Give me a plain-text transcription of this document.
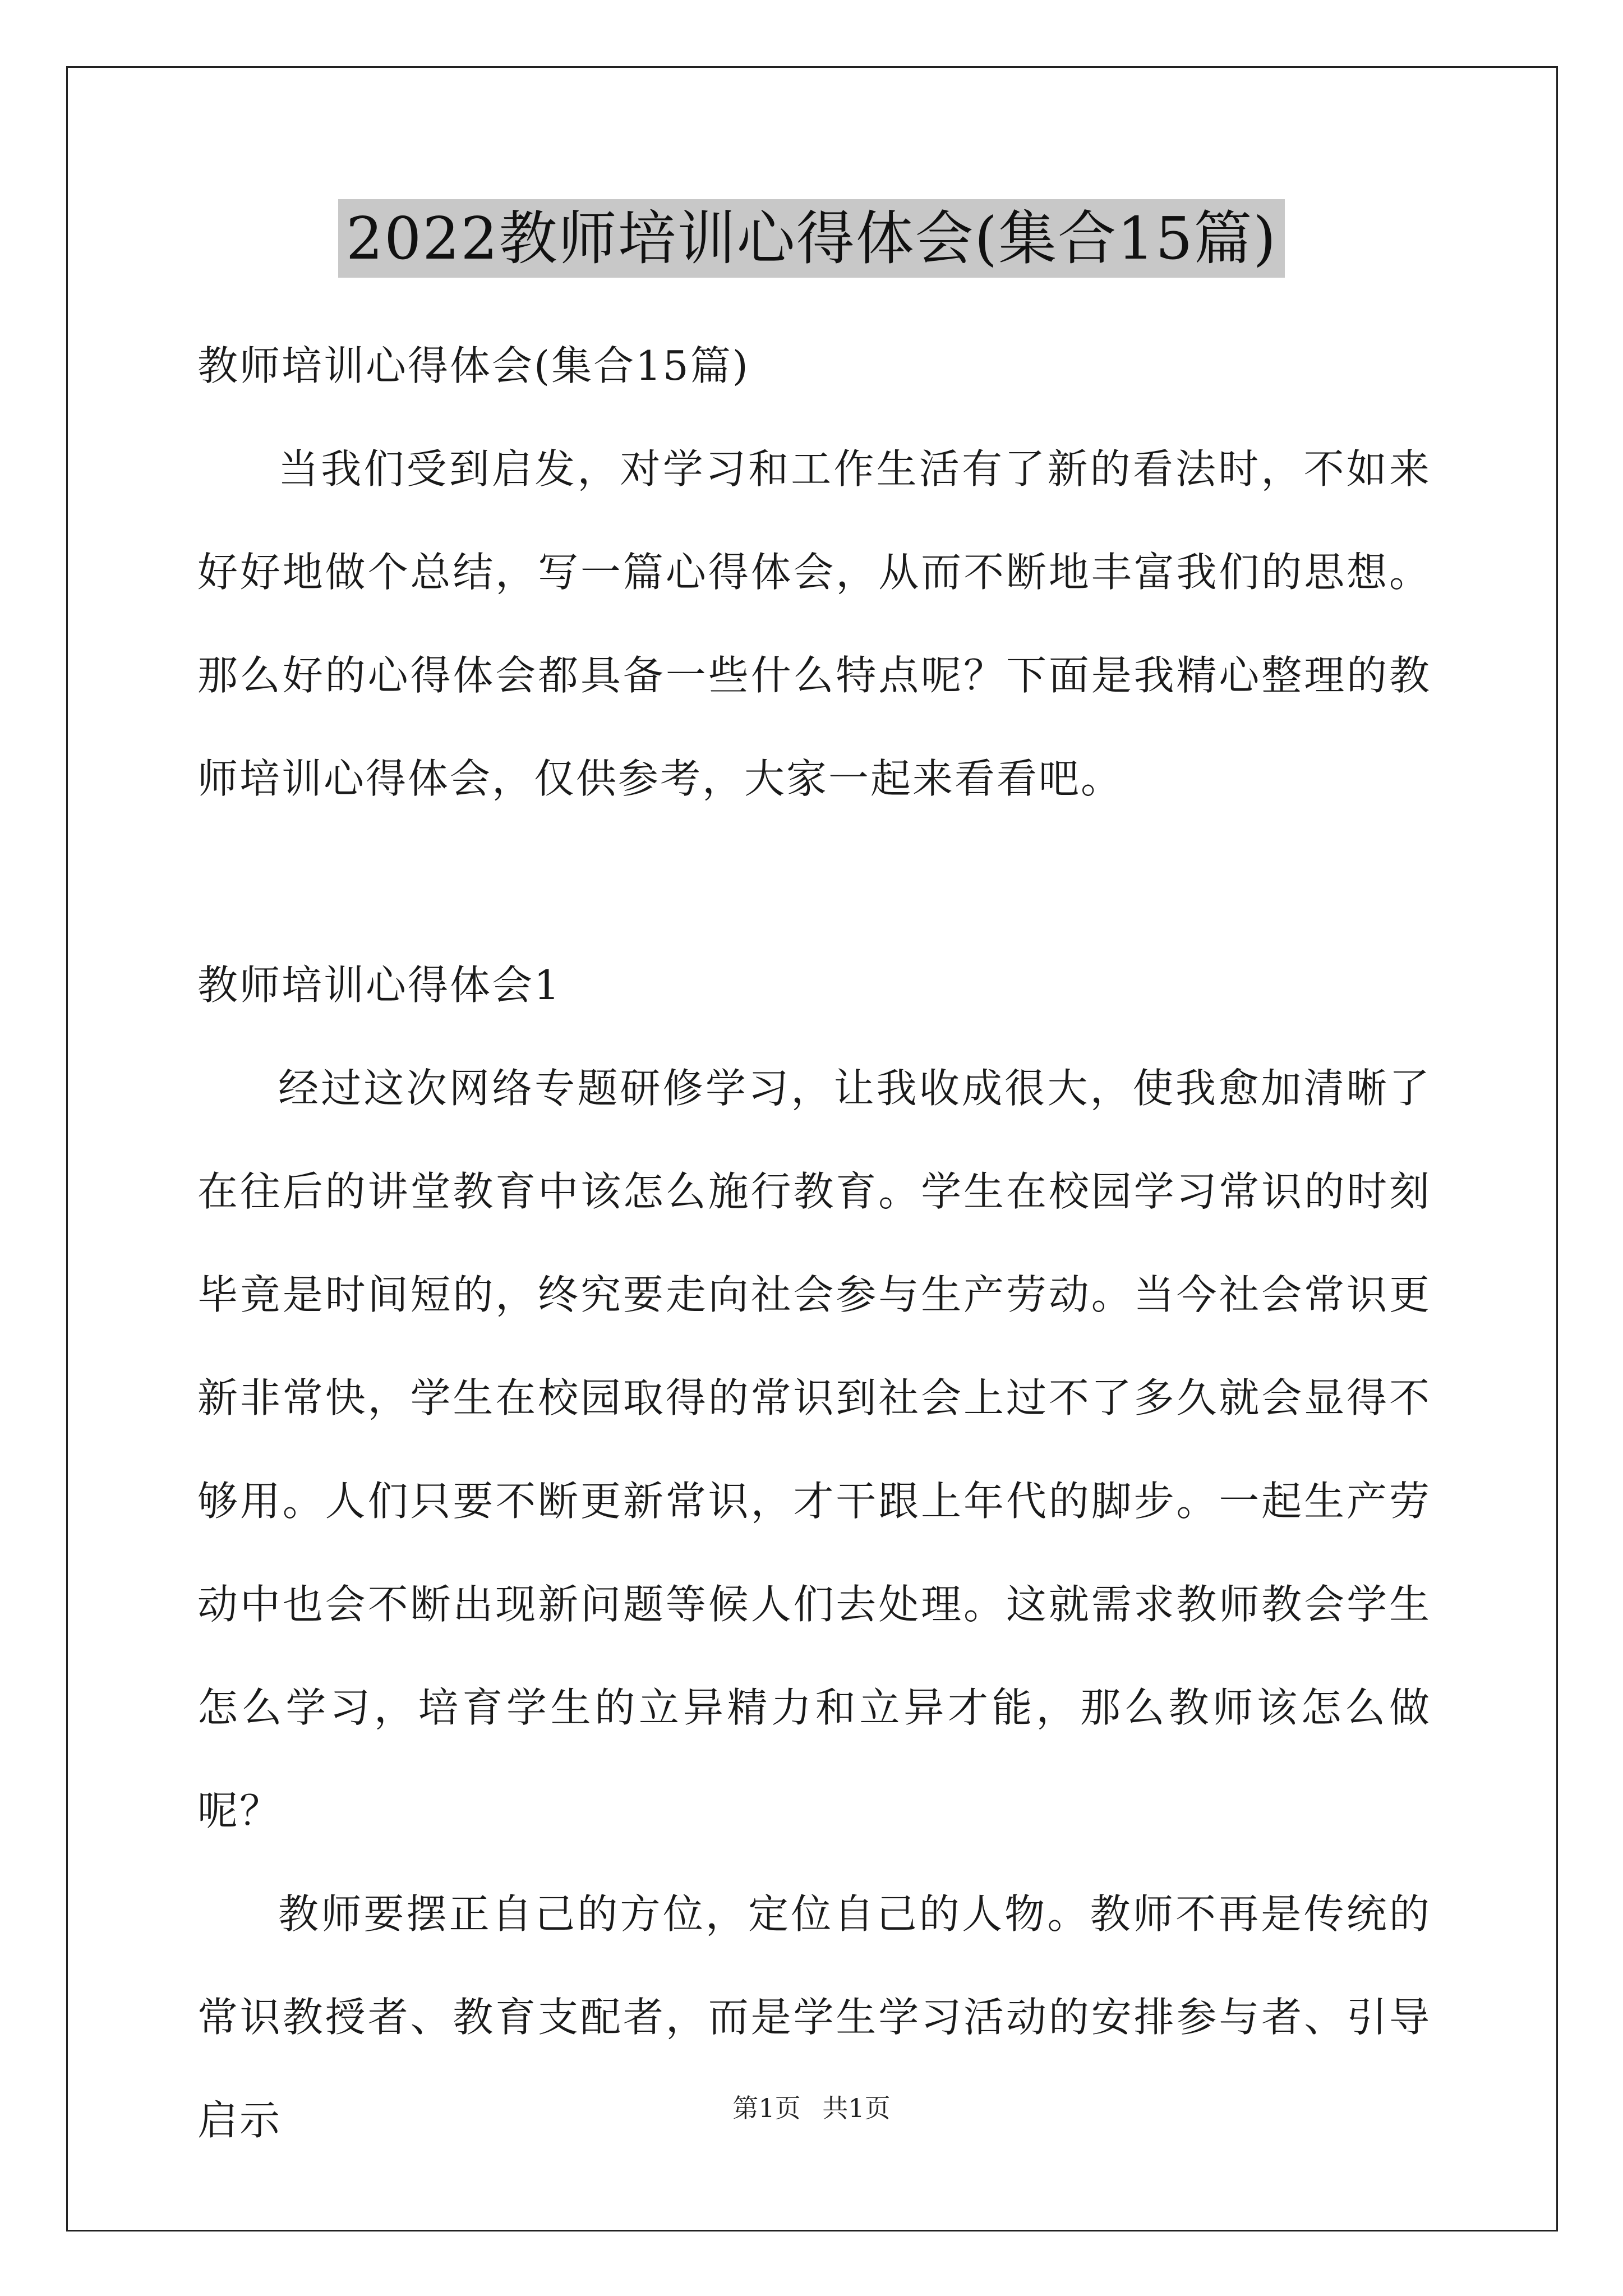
2022教师培训心得体会(集合15篇)
教师培训心得体会(集合15篇)
当我们受到启发，对学习和工作生活有了新的看法时，不如来好好地做个总结，写一篇心得体会，从而不断地丰富我们的思想。那么好的心得体会都具备一些什么特点呢？下面是我精心整理的教师培训心得体会，仅供参考，大家一起来看看吧。
教师培训心得体会1
经过这次网络专题研修学习，让我收成很大，使我愈加清晰了在往后的讲堂教育中该怎么施行教育。学生在校园学习常识的时刻毕竟是时间短的，终究要走向社会参与生产劳动。当今社会常识更新非常快，学生在校园取得的常识到社会上过不了多久就会显得不够用。人们只要不断更新常识，才干跟上年代的脚步。一起生产劳动中也会不断出现新问题等候人们去处理。这就需求教师教会学生怎么学习，培育学生的立异精力和立异才能，那么教师该怎么做呢？
教师要摆正自己的方位，定位自己的人物。教师不再是传统的常识教授者、教育支配者，而是学生学习活动的安排参与者、引导启示	第1页 共1页
